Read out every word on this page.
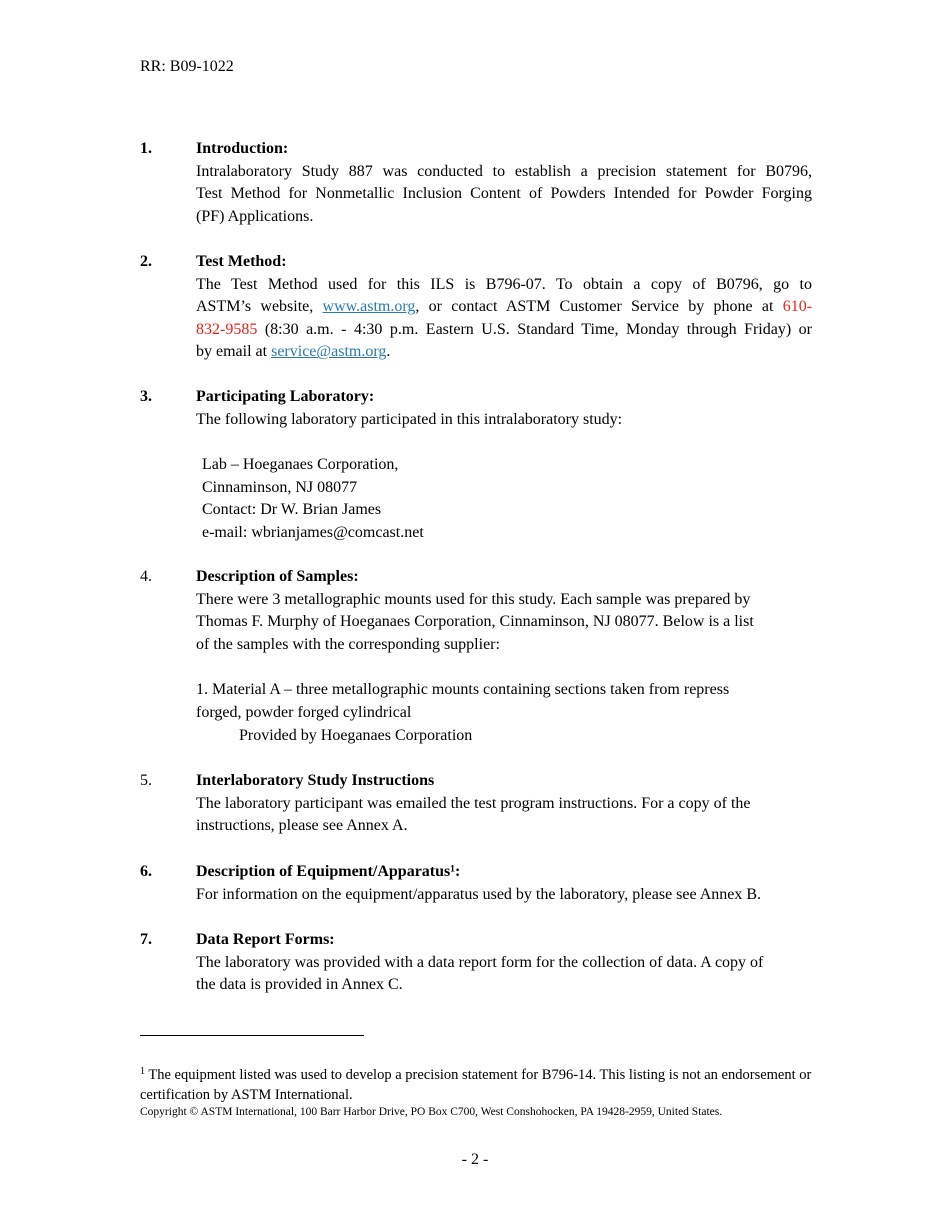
RR: B09-1022
1.	Introduction:
Intralaboratory Study 887 was conducted to establish a precision statement for B0796,
Test Method for Nonmetallic Inclusion Content of Powders Intended for Powder Forging
(PF) Applications.
2.	Test Method:
The Test Method used for this ILS is B796-07. To obtain a copy of B0796, go to
ASTM’s website, www.astm.org, or contact ASTM Customer Service by phone at 610-
832-9585 (8:30 a.m. - 4:30 p.m. Eastern U.S. Standard Time, Monday through Friday) or
by email at service@astm.org.
3.	Participating Laboratory:
The following laboratory participated in this intralaboratory study:
Lab – Hoeganaes Corporation,
Cinnaminson, NJ 08077
Contact: Dr W. Brian James
e-mail: wbrianjames@comcast.net
4.	Description of Samples:
There were 3 metallographic mounts used for this study. Each sample was prepared by
Thomas F. Murphy of Hoeganaes Corporation, Cinnaminson, NJ 08077. Below is a list
of the samples with the corresponding supplier:
1. Material A – three metallographic mounts containing sections taken from repress
forged, powder forged cylindrical
Provided by Hoeganaes Corporation
5.	Interlaboratory Study Instructions
The laboratory participant was emailed the test program instructions. For a copy of the
instructions, please see Annex A.
6.	Description of Equipment/Apparatus¹:
For information on the equipment/apparatus used by the laboratory, please see Annex B.
7.	Data Report Forms:
The laboratory was provided with a data report form for the collection of data. A copy of
the data is provided in Annex C.
$^1$ The equipment listed was used to develop a precision statement for B796-14. This listing is not an endorsement or certification by ASTM International.
Copyright © ASTM International, 100 Barr Harbor Drive, PO Box C700, West Conshohocken, PA 19428-2959, United States.
- 2 -
